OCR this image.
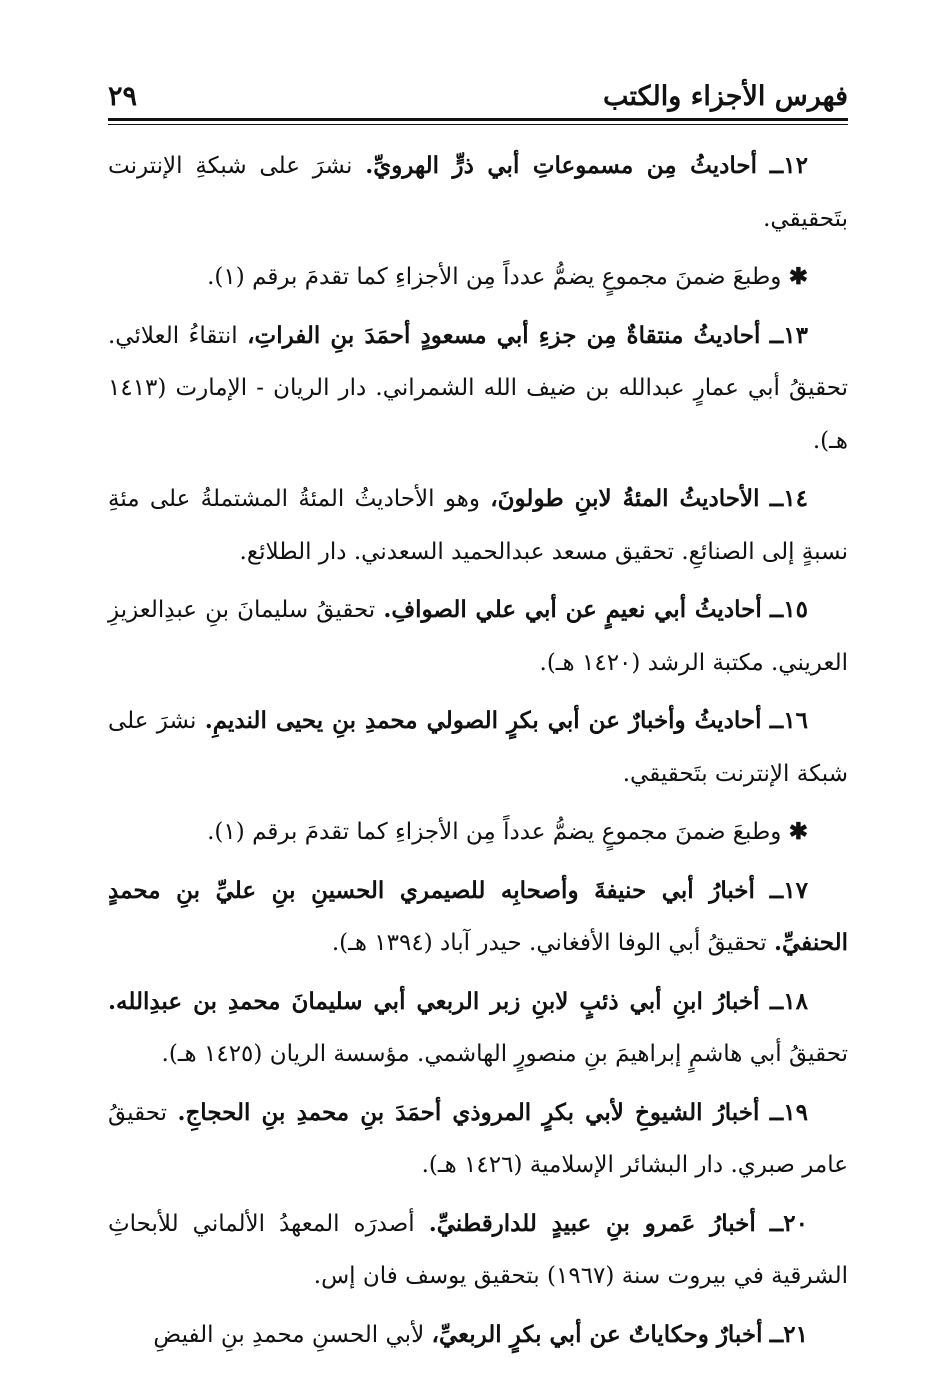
فهرس الأجزاء والكتب
٢٩

١٢ــ أحاديثُ مِن مسموعاتِ أبي ذرٍّ الهرويِّ. نشرَ على شبكةِ الإنترنت بتَحقيقي.

✱ وطبعَ ضمنَ مجموعٍ يضمُّ عدداً مِن الأجزاءِ كما تقدمَ برقم (١).

١٣ــ أحاديثُ منتقاةٌ مِن جزءِ أبي مسعودٍ أحمَدَ بنِ الفراتِ، انتقاءُ العلائي. تحقيقُ أبي عمارٍ عبدالله بن ضيف الله الشمراني. دار الريان - الإمارت (١٤١٣ هـ).

١٤ــ الأحاديثُ المئةُ لابنِ طولونَ، وهو الأحاديثُ المئةُ المشتملةُ على مئةِ نسبةٍ إلى الصنائعِ. تحقيق مسعد عبدالحميد السعدني. دار الطلائع.

١٥ــ أحاديثُ أبي نعيمٍ عن أبي علي الصوافِ. تحقيقُ سليمانَ بنِ عبدِالعزيزِ العريني. مكتبة الرشد (١٤٢٠ هـ).

١٦ــ أحاديثُ وأخبارٌ عن أبي بكرٍ الصولي محمدِ بنِ يحيى النديمِ. نشرَ على شبكة الإنترنت بتَحقيقي.

✱ وطبعَ ضمنَ مجموعٍ يضمُّ عدداً مِن الأجزاءِ كما تقدمَ برقم (١).

١٧ــ أخبارُ أبي حنيفةَ وأصحابِه للصيمري الحسينِ بنِ عليِّ بنِ محمدٍ الحنفيِّ. تحقيقُ أبي الوفا الأفغاني. حيدر آباد (١٣٩٤ هـ).

١٨ــ أخبارُ ابنِ أبي ذئبٍ لابنِ زبر الربعي أبي سليمانَ محمدِ بن عبدِالله. تحقيقُ أبي هاشمٍ إبراهيمَ بنِ منصورٍ الهاشمي. مؤسسة الريان (١٤٢٥ هـ).

١٩ــ أخبارُ الشيوخِ لأبي بكرٍ المروذي أحمَدَ بنِ محمدِ بنِ الحجاجِ. تحقيقُ عامر صبري. دار البشائر الإسلامية (١٤٢٦ هـ).

٢٠ــ أخبارُ عَمرو بنِ عبيدٍ للدارقطنيِّ. أصدرَه المعهدُ الألماني للأبحاثِ الشرقية في بيروت سنة (١٩٦٧) بتحقيق يوسف فان إس.

٢١ــ أخبارٌ وحكاياتٌ عن أبي بكرٍ الربعيِّ، لأبي الحسنِ محمدِ بنِ الفيضِ
